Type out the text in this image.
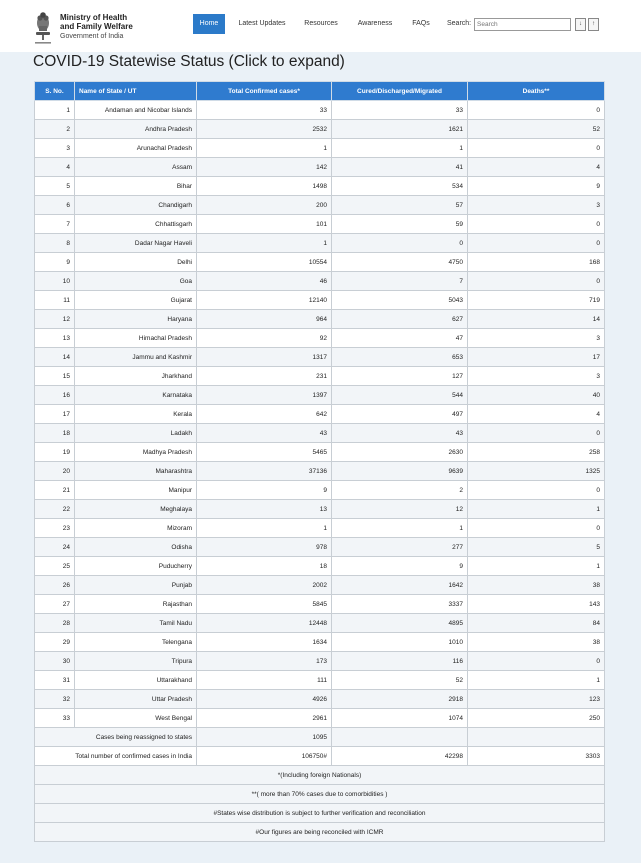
Ministry of Health
and Family Welfare
Government of India
Home	Latest Updates	Resources	Awareness	FAQs	Search:
Search	↓	↑
COVID-19 Statewise Status (Click to expand)
S. No.	Name of State / UT	Total Confirmed cases*	Cured/Discharged/Migrated	Deaths**
1	Andaman and Nicobar Islands	33	33	0
2	Andhra Pradesh	2532	1621	52
3	Arunachal Pradesh	1	1	0
4	Assam	142	41	4
5	Bihar	1498	534	9
6	Chandigarh	200	57	3
7	Chhattisgarh	101	59	0
8	Dadar Nagar Haveli	1	0	0
9	Delhi	10554	4750	168
10	Goa	46	7	0
11	Gujarat	12140	5043	719
12	Haryana	964	627	14
13	Himachal Pradesh	92	47	3
14	Jammu and Kashmir	1317	653	17
15	Jharkhand	231	127	3
16	Karnataka	1397	544	40
17	Kerala	642	497	4
18	Ladakh	43	43	0
19	Madhya Pradesh	5465	2630	258
20	Maharashtra	37136	9639	1325
21	Manipur	9	2	0
22	Meghalaya	13	12	1
23	Mizoram	1	1	0
24	Odisha	978	277	5
25	Puducherry	18	9	1
26	Punjab	2002	1642	38
27	Rajasthan	5845	3337	143
28	Tamil Nadu	12448	4895	84
29	Telengana	1634	1010	38
30	Tripura	173	116	0
31	Uttarakhand	111	52	1
32	Uttar Pradesh	4926	2918	123
33	West Bengal	2961	1074	250
Cases being reassigned to states		1095		
Total number of confirmed cases in India		106750#	42298	3303
*(Including foreign Nationals)				
**( more than 70% cases due to comorbidities )				
#States wise distribution is subject to further verification and reconciliation				
#Our figures are being reconciled with ICMR				
